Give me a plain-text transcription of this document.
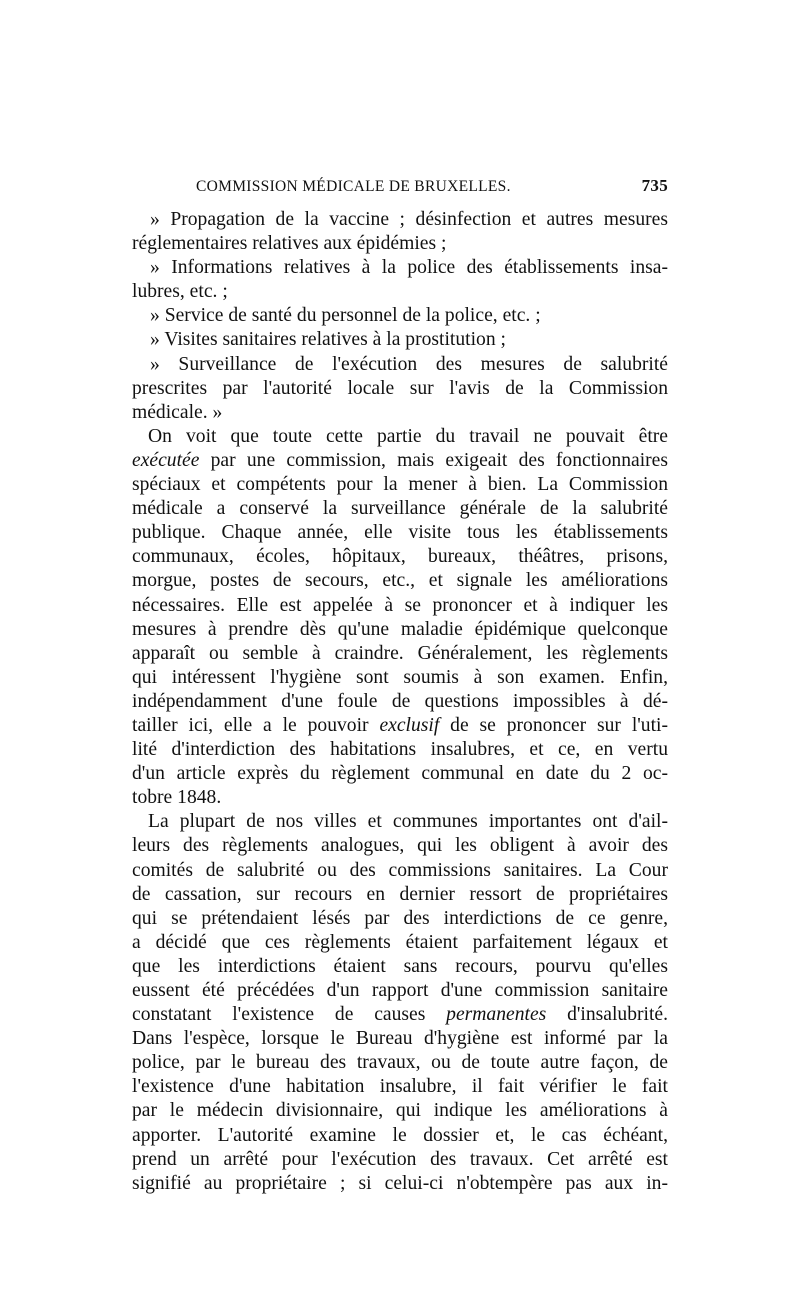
COMMISSION MÉDICALE DE BRUXELLES.	735
» Propagation de la vaccine ; désinfection et autres mesures
réglementaires relatives aux épidémies ;
» Informations relatives à la police des établissements insa-
lubres, etc. ;
» Service de santé du personnel de la police, etc. ;
» Visites sanitaires relatives à la prostitution ;
» Surveillance de l'exécution des mesures de salubrité
prescrites par l'autorité locale sur l'avis de la Commission
médicale. »
On voit que toute cette partie du travail ne pouvait être
exécutée par une commission, mais exigeait des fonctionnaires
spéciaux et compétents pour la mener à bien. La Commission
médicale a conservé la surveillance générale de la salubrité
publique. Chaque année, elle visite tous les établissements
communaux, écoles, hôpitaux, bureaux, théâtres, prisons,
morgue, postes de secours, etc., et signale les améliorations
nécessaires. Elle est appelée à se prononcer et à indiquer les
mesures à prendre dès qu'une maladie épidémique quelconque
apparaît ou semble à craindre. Généralement, les règlements
qui intéressent l'hygiène sont soumis à son examen. Enfin,
indépendamment d'une foule de questions impossibles à dé-
tailler ici, elle a le pouvoir exclusif de se prononcer sur l'uti-
lité d'interdiction des habitations insalubres, et ce, en vertu
d'un article exprès du règlement communal en date du 2 oc-
tobre 1848.
La plupart de nos villes et communes importantes ont d'ail-
leurs des règlements analogues, qui les obligent à avoir des
comités de salubrité ou des commissions sanitaires. La Cour
de cassation, sur recours en dernier ressort de propriétaires
qui se prétendaient lésés par des interdictions de ce genre,
a décidé que ces règlements étaient parfaitement légaux et
que les interdictions étaient sans recours, pourvu qu'elles
eussent été précédées d'un rapport d'une commission sanitaire
constatant l'existence de causes permanentes d'insalubrité.
Dans l'espèce, lorsque le Bureau d'hygiène est informé par la
police, par le bureau des travaux, ou de toute autre façon, de
l'existence d'une habitation insalubre, il fait vérifier le fait
par le médecin divisionnaire, qui indique les améliorations à
apporter. L'autorité examine le dossier et, le cas échéant,
prend un arrêté pour l'exécution des travaux. Cet arrêté est
signifié au propriétaire ; si celui-ci n'obtempère pas aux in-
